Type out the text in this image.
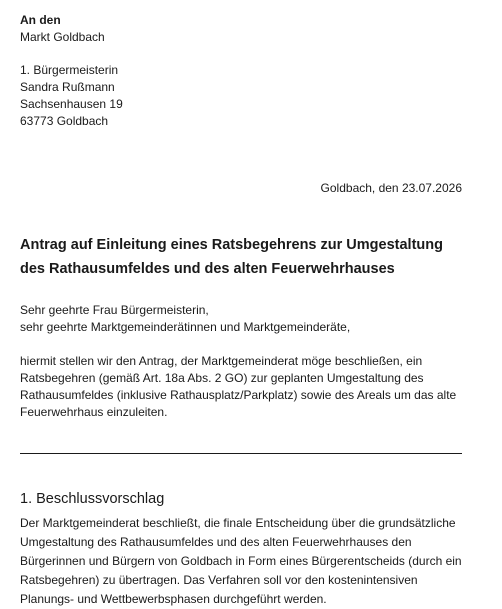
An den
Markt Goldbach
1. Bürgermeisterin
Sandra Rußmann
Sachsenhausen 19
63773 Goldbach
Goldbach, den 23.07.2026
Antrag auf Einleitung eines Ratsbegehrens zur Umgestaltung des Rathausumfeldes und des alten Feuerwehrhauses
Sehr geehrte Frau Bürgermeisterin,
sehr geehrte Marktgemeinderätinnen und Marktgemeinderäte,
hiermit stellen wir den Antrag, der Marktgemeinderat möge beschließen, ein Ratsbegehren (gemäß Art. 18a Abs. 2 GO) zur geplanten Umgestaltung des Rathausumfeldes (inklusive Rathausplatz/Parkplatz) sowie des Areals um das alte Feuerwehrhaus einzuleiten.
1. Beschlussvorschlag
Der Marktgemeinderat beschließt, die finale Entscheidung über die grundsätzliche Umgestaltung des Rathausumfeldes und des alten Feuerwehrhauses den Bürgerinnen und Bürgern von Goldbach in Form eines Bürgerentscheids (durch ein Ratsbegehren) zu übertragen. Das Verfahren soll vor den kostenintensiven Planungs- und Wettbewerbsphasen durchgeführt werden.
